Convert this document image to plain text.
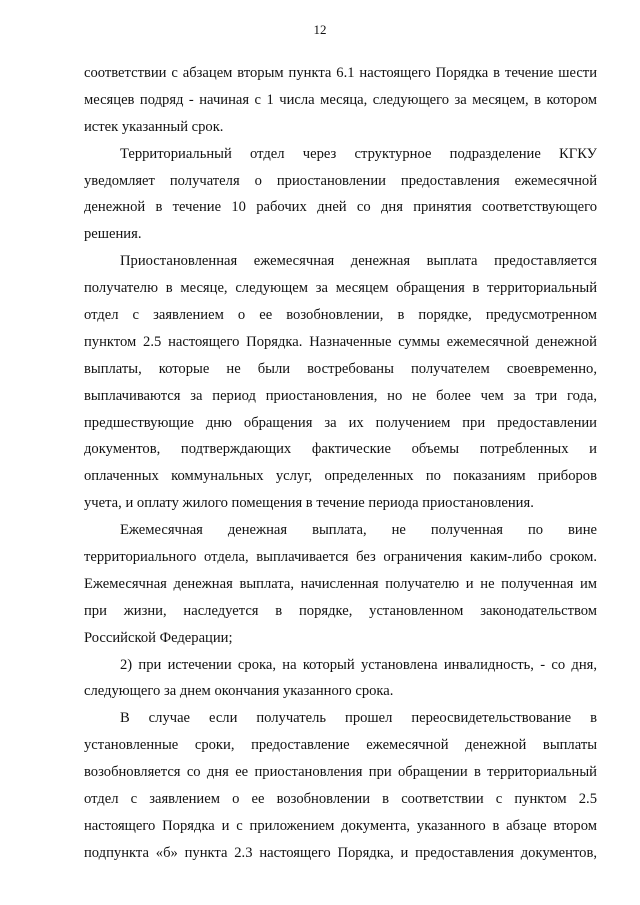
12

соответствии с абзацем вторым пункта 6.1 настоящего Порядка в течение шести
месяцев подряд - начиная с 1 числа месяца, следующего за месяцем, в котором
истек указанный срок.

Территориальный отдел через структурное подразделение КГКУ
уведомляет получателя о приостановлении предоставления ежемесячной
денежной в течение 10 рабочих дней со дня принятия соответствующего
решения.

Приостановленная ежемесячная денежная выплата предоставляется
получателю в месяце, следующем за месяцем обращения в территориальный
отдел с заявлением о ее возобновлении, в порядке, предусмотренном
пунктом 2.5 настоящего Порядка. Назначенные суммы ежемесячной денежной
выплаты, которые не были востребованы получателем своевременно,
выплачиваются за период приостановления, но не более чем за три года,
предшествующие дню обращения за их получением при предоставлении
документов, подтверждающих фактические объемы потребленных и
оплаченных коммунальных услуг, определенных по показаниям приборов
учета, и оплату жилого помещения в течение периода приостановления.

Ежемесячная денежная выплата, не полученная по вине
территориального отдела, выплачивается без ограничения каким-либо сроком.
Ежемесячная денежная выплата, начисленная получателю и не полученная им
при жизни, наследуется в порядке, установленном законодательством
Российской Федерации;

2) при истечении срока, на который установлена инвалидность, - со дня,
следующего за днем окончания указанного срока.

В случае если получатель прошел переосвидетельствование в
установленные сроки, предоставление ежемесячной денежной выплаты
возобновляется со дня ее приостановления при обращении в территориальный
отдел с заявлением о ее возобновлении в соответствии с пунктом 2.5
настоящего Порядка и с приложением документа, указанного в абзаце втором
подпункта «б» пункта 2.3 настоящего Порядка, и предоставления документов,
